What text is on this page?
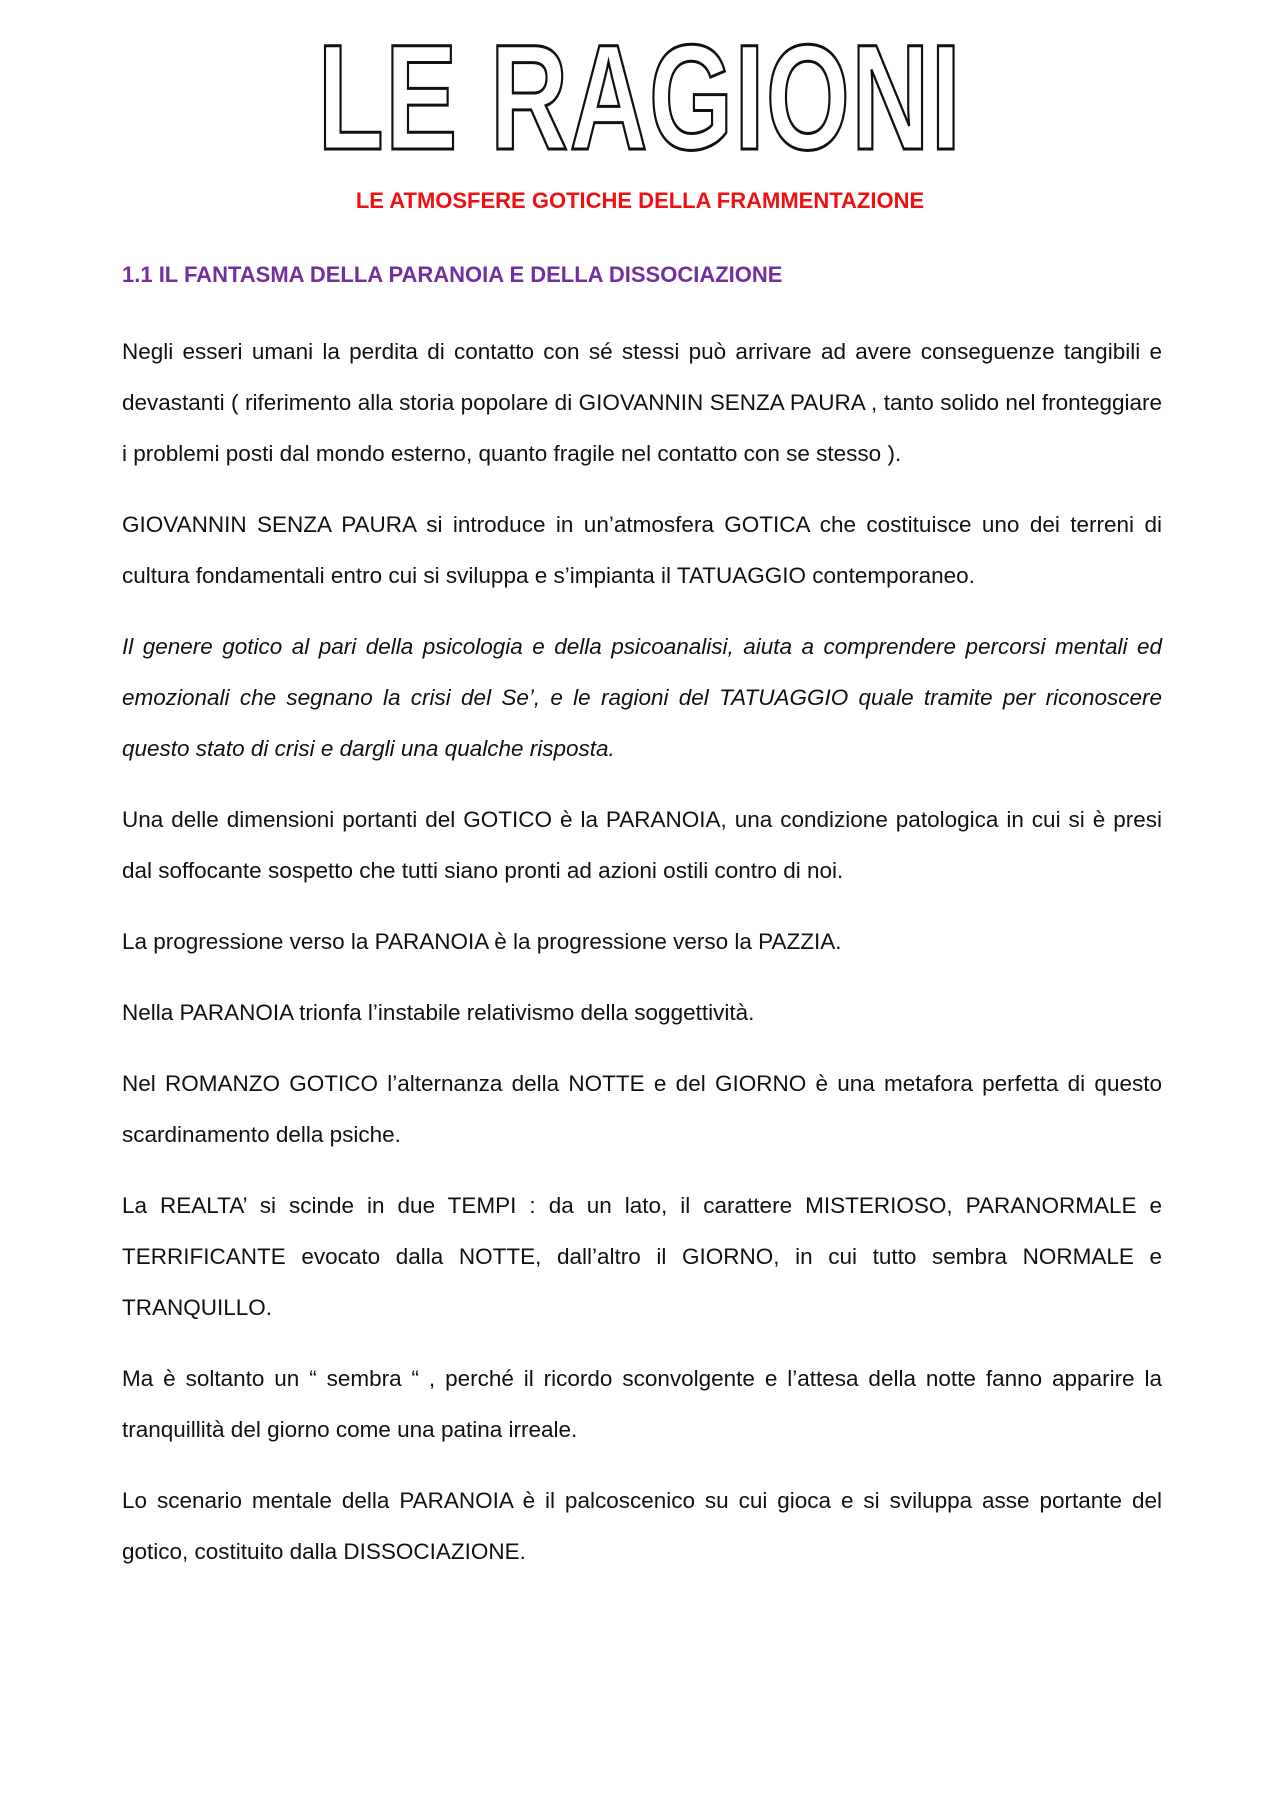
LE RAGIONI
LE ATMOSFERE GOTICHE DELLA FRAMMENTAZIONE
1.1 IL FANTASMA DELLA PARANOIA E DELLA DISSOCIAZIONE

Negli esseri umani la perdita di contatto con sé stessi può arrivare ad avere conseguenze tangibili e devastanti ( riferimento alla storia popolare di GIOVANNIN SENZA PAURA , tanto solido nel fronteggiare i problemi posti dal mondo esterno, quanto fragile nel contatto con se stesso ).

GIOVANNIN SENZA PAURA si introduce in un’atmosfera GOTICA che costituisce uno dei terreni di cultura fondamentali entro cui si sviluppa e s’impianta il TATUAGGIO contemporaneo.

Il genere gotico al pari della psicologia e della psicoanalisi, aiuta a comprendere percorsi mentali ed emozionali che segnano la crisi del Se’, e le ragioni del TATUAGGIO quale tramite per riconoscere questo stato di crisi e dargli una qualche risposta.

Una delle dimensioni portanti del GOTICO è la PARANOIA, una condizione patologica in cui si è presi dal soffocante sospetto che tutti siano pronti ad azioni ostili contro di noi.

La progressione verso la PARANOIA è la progressione verso la PAZZIA.

Nella PARANOIA trionfa l’instabile relativismo della soggettività.

Nel ROMANZO GOTICO l’alternanza della NOTTE e del GIORNO è una metafora perfetta di questo scardinamento della psiche.

La REALTA’ si scinde in due TEMPI : da un lato, il carattere MISTERIOSO, PARANORMALE e TERRIFICANTE evocato dalla NOTTE, dall’altro il GIORNO, in cui tutto sembra NORMALE e TRANQUILLO.

Ma è soltanto un “ sembra “ , perché il ricordo sconvolgente e l’attesa della notte fanno apparire la tranquillità del giorno come una patina irreale.

Lo scenario mentale della PARANOIA è il palcoscenico su cui gioca e si sviluppa asse portante del gotico, costituito dalla DISSOCIAZIONE.
